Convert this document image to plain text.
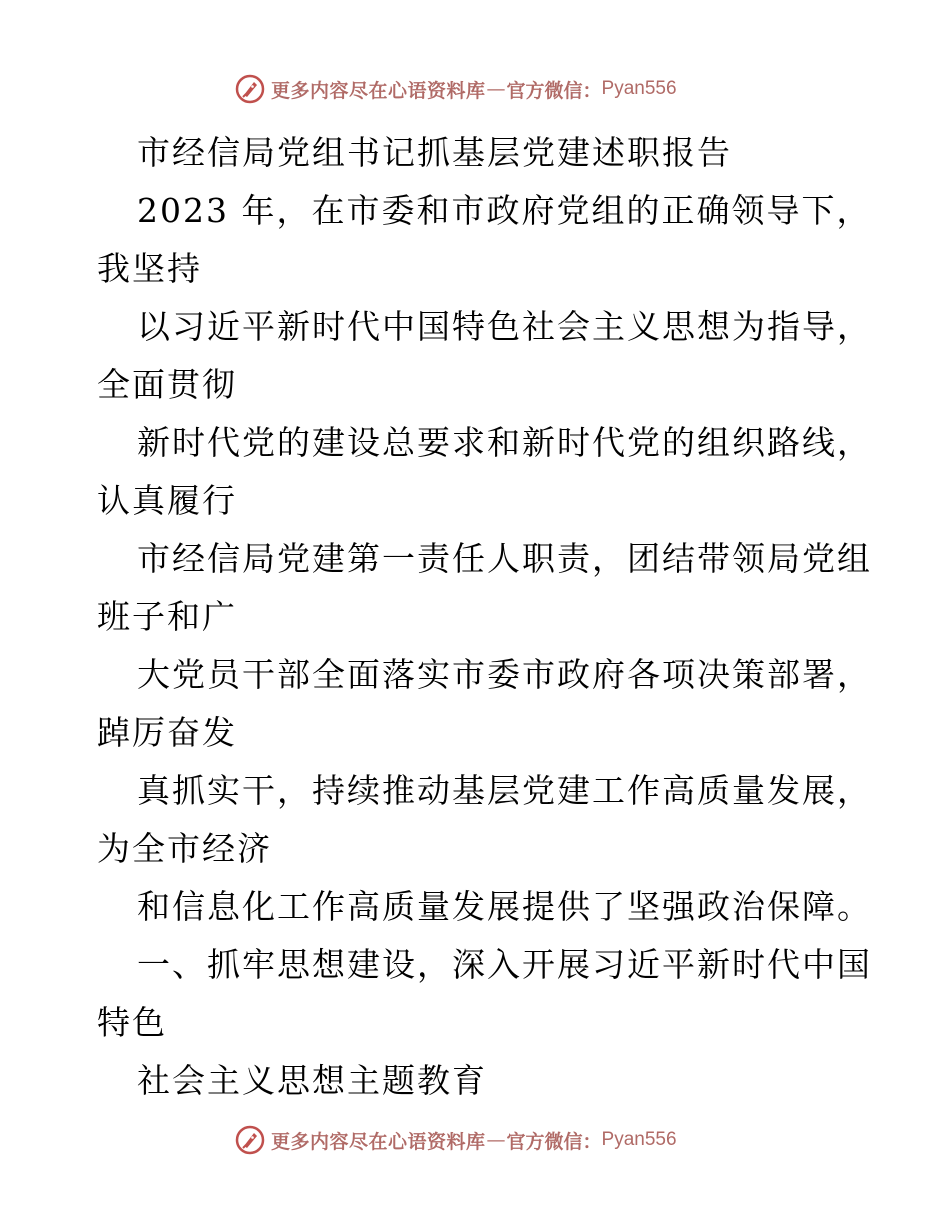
更多内容尽在心语资料库 — 官方微信： Pyan556
市经信局党组书记抓基层党建述职报告
2023 年，在市委和市政府党组的正确领导下，
我坚持
以习近平新时代中国特色社会主义思想为指导，
全面贯彻
新时代党的建设总要求和新时代党的组织路线，
认真履行
市经信局党建第一责任人职责，团结带领局党组
班子和广
大党员干部全面落实市委市政府各项决策部署，
踔厉奋发
真抓实干，持续推动基层党建工作高质量发展，
为全市经济
和信息化工作高质量发展提供了坚强政治保障。
一、抓牢思想建设，深入开展习近平新时代中国
特色
社会主义思想主题教育
更多内容尽在心语资料库 — 官方微信： Pyan556
